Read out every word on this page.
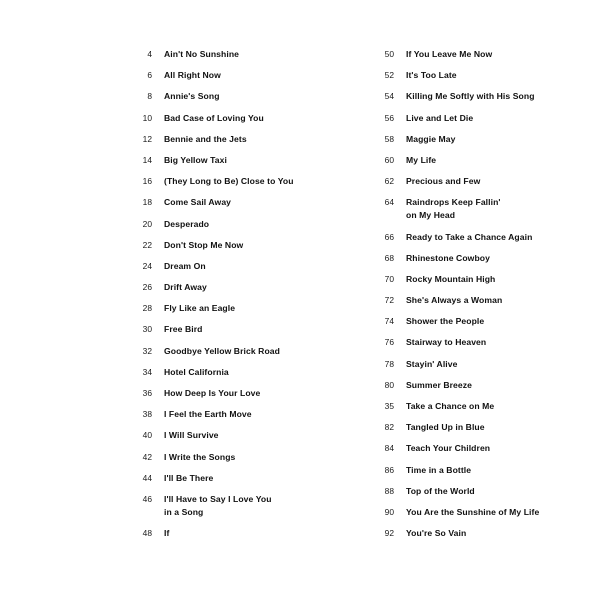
4	Ain't No Sunshine
6	All Right Now
8	Annie's Song
10	Bad Case of Loving You
12	Bennie and the Jets
14	Big Yellow Taxi
16	(They Long to Be) Close to You
18	Come Sail Away
20	Desperado
22	Don't Stop Me Now
24	Dream On
26	Drift Away
28	Fly Like an Eagle
30	Free Bird
32	Goodbye Yellow Brick Road
34	Hotel California
36	How Deep Is Your Love
38	I Feel the Earth Move
40	I Will Survive
42	I Write the Songs
44	I'll Be There
46	I'll Have to Say I Love You
in a Song
48	If
50	If You Leave Me Now
52	It's Too Late
54	Killing Me Softly with His Song
56	Live and Let Die
58	Maggie May
60	My Life
62	Precious and Few
64	Raindrops Keep Fallin'
on My Head
66	Ready to Take a Chance Again
68	Rhinestone Cowboy
70	Rocky Mountain High
72	She's Always a Woman
74	Shower the People
76	Stairway to Heaven
78	Stayin' Alive
80	Summer Breeze
35	Take a Chance on Me
82	Tangled Up in Blue
84	Teach Your Children
86	Time in a Bottle
88	Top of the World
90	You Are the Sunshine of My Life
92	You're So Vain
